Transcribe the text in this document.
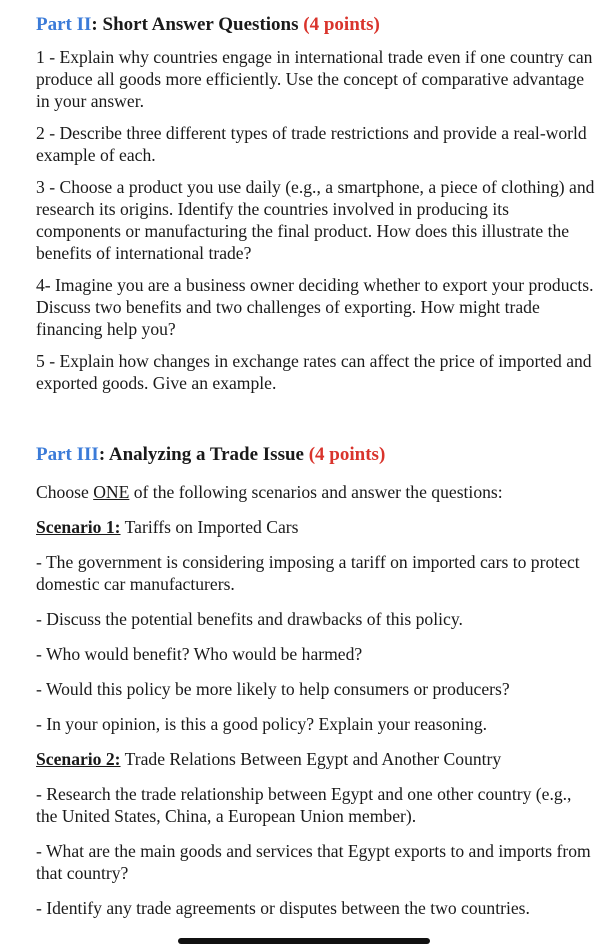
Part II: Short Answer Questions (4 points)

1 - Explain why countries engage in international trade even if one country can produce all goods more efficiently. Use the concept of comparative advantage in your answer.

2 - Describe three different types of trade restrictions and provide a real-world example of each.

3 - Choose a product you use daily (e.g., a smartphone, a piece of clothing) and research its origins. Identify the countries involved in producing its components or manufacturing the final product. How does this illustrate the benefits of international trade?

4- Imagine you are a business owner deciding whether to export your products. Discuss two benefits and two challenges of exporting. How might trade financing help you?

5 - Explain how changes in exchange rates can affect the price of imported and exported goods. Give an example.

Part III: Analyzing a Trade Issue (4 points)

Choose ONE of the following scenarios and answer the questions:

Scenario 1: Tariffs on Imported Cars

- The government is considering imposing a tariff on imported cars to protect domestic car manufacturers.

- Discuss the potential benefits and drawbacks of this policy.

- Who would benefit? Who would be harmed?

- Would this policy be more likely to help consumers or producers?

- In your opinion, is this a good policy? Explain your reasoning.

Scenario 2: Trade Relations Between Egypt and Another Country

- Research the trade relationship between Egypt and one other country (e.g., the United States, China, a European Union member).

- What are the main goods and services that Egypt exports to and imports from that country?

- Identify any trade agreements or disputes between the two countries.
